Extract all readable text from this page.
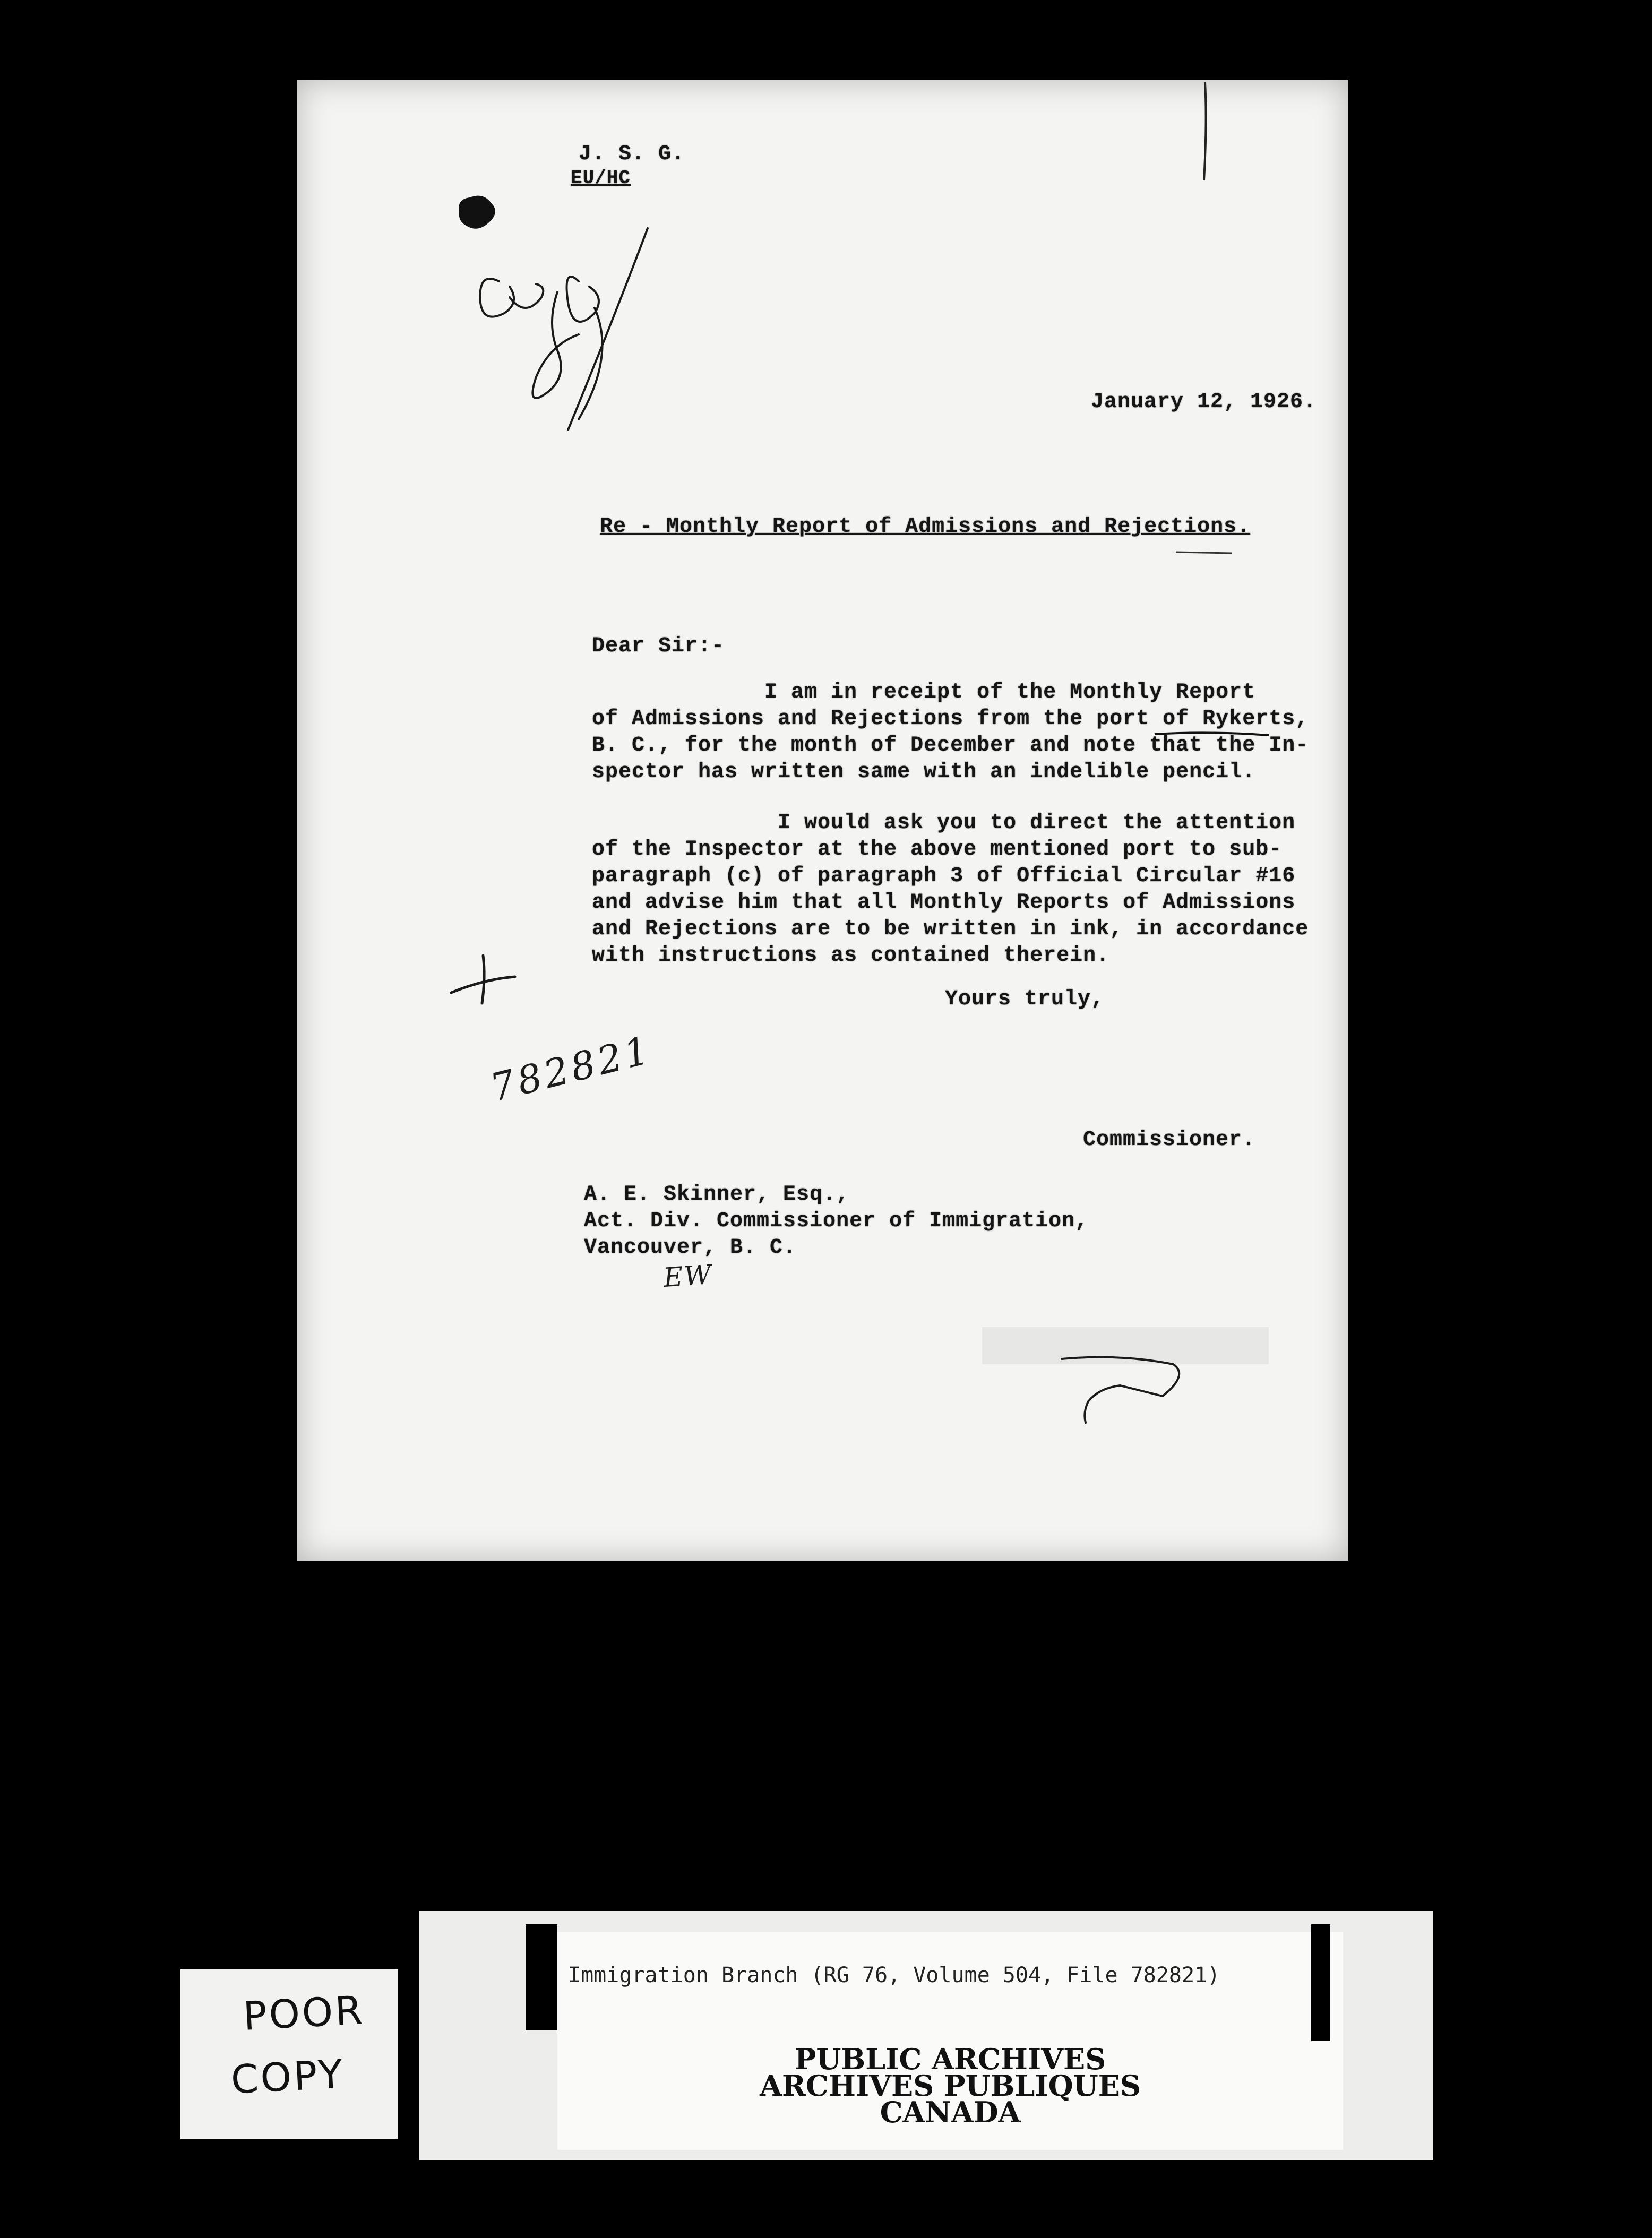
J. S. G.
EU/HC
January 12, 1926.
Re - Monthly Report of Admissions and Rejections.
Dear Sir:-
I am in receipt of the Monthly Report
of Admissions and Rejections from the port of Rykerts,
B. C., for the month of December and note that the In-
spector has written same with an indelible pencil.
I would ask you to direct the attention
of the Inspector at the above mentioned port to sub-
paragraph (c) of paragraph 3 of Official Circular #16
and advise him that all Monthly Reports of Admissions
and Rejections are to be written in ink, in accordance
with instructions as contained therein.
Yours truly,
782821
Commissioner.
A. E. Skinner, Esq.,
Act. Div. Commissioner of Immigration,
Vancouver, B. C.
EW
POOR
COPY
Immigration Branch (RG 76, Volume 504, File 782821)
PUBLIC ARCHIVES
ARCHIVES PUBLIQUES
CANADA
